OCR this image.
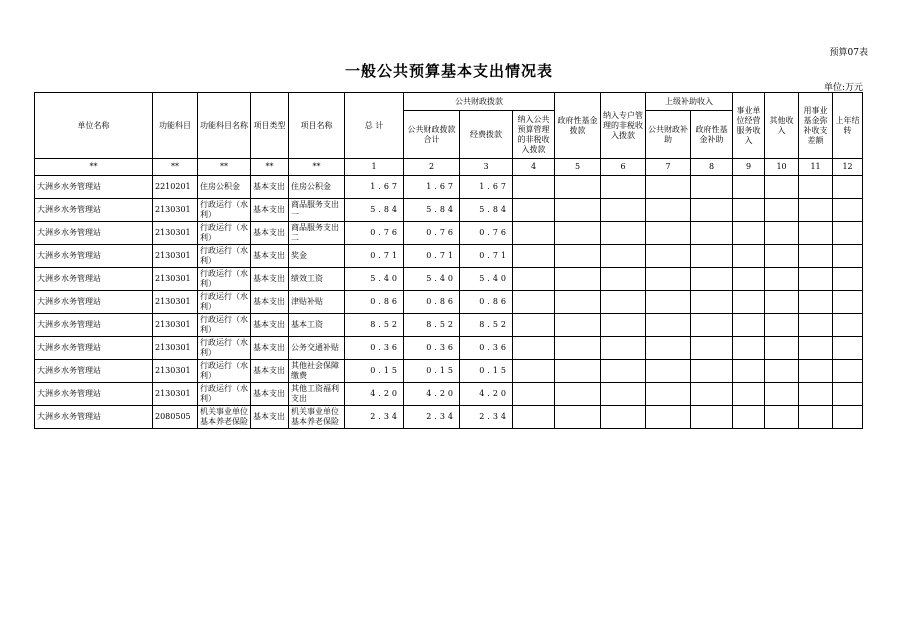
预算07表
一般公共预算基本支出情况表
单位:万元
单位名称	功能科目	功能科目名称	项目类型	项目名称	总 计	公共财政拨款			政府性基金拨款	纳入专户管理的非税收入拨款	上级补助收入		事业单位经营服务收入	其他收入	用事业基金弥补收支差额	上年结转
						公共财政拨款合计	经费拨款	纳入公共预算管理的非税收入拨款			公共财政补助	政府性基金补助				
**	**	**	**	**	1	2	3	4	5	6	7	8	9	10	11	12
大洲乡水务管理站	2210201	住房公积金	基本支出	住房公积金	1.67	1.67	1.67									
大洲乡水务管理站	2130301	行政运行（水利）	基本支出	商品服务支出一	5.84	5.84	5.84									
大洲乡水务管理站	2130301	行政运行（水利）	基本支出	商品服务支出二	0.76	0.76	0.76									
大洲乡水务管理站	2130301	行政运行（水利）	基本支出	奖金	0.71	0.71	0.71									
大洲乡水务管理站	2130301	行政运行（水利）	基本支出	绩效工资	5.40	5.40	5.40									
大洲乡水务管理站	2130301	行政运行（水利）	基本支出	津贴补贴	0.86	0.86	0.86									
大洲乡水务管理站	2130301	行政运行（水利）	基本支出	基本工资	8.52	8.52	8.52									
大洲乡水务管理站	2130301	行政运行（水利）	基本支出	公务交通补贴	0.36	0.36	0.36									
大洲乡水务管理站	2130301	行政运行（水利）	基本支出	其他社会保障缴费	0.15	0.15	0.15									
大洲乡水务管理站	2130301	行政运行（水利）	基本支出	其他工资福利支出	4.20	4.20	4.20									
大洲乡水务管理站	2080505	机关事业单位基本养老保险	基本支出	机关事业单位基本养老保险	2.34	2.34	2.34									
